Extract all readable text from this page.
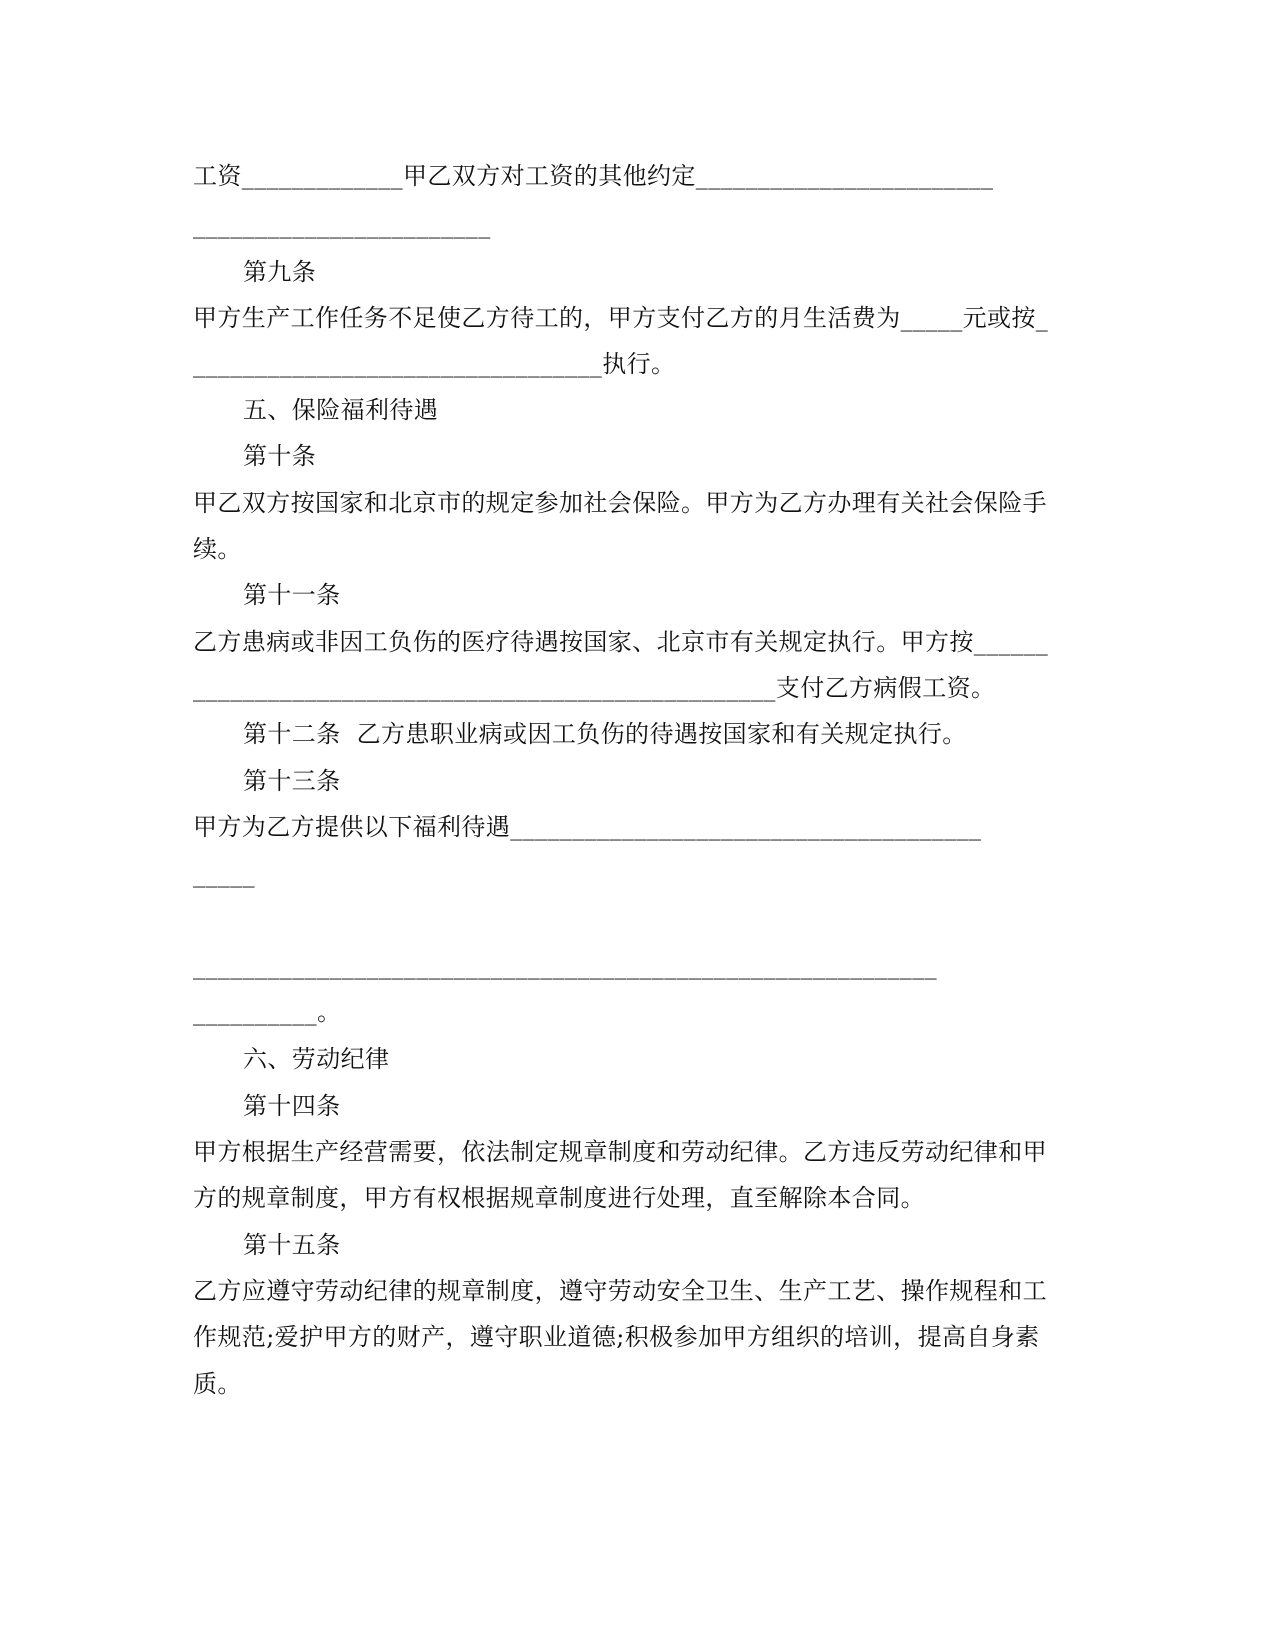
工资_____________甲乙双方对工资的其他约定________________________
________________________
第九条
甲方生产工作任务不足使乙方待工的，甲方支付乙方的月生活费为_____元或按_
_________________________________执行。
五、保险福利待遇
第十条
甲乙双方按国家和北京市的规定参加社会保险。甲方为乙方办理有关社会保险手
续。
第十一条
乙方患病或非因工负伤的医疗待遇按国家、北京市有关规定执行。甲方按______
_______________________________________________支付乙方病假工资。
第十二条  乙方患职业病或因工负伤的待遇按国家和有关规定执行。
第十三条
甲方为乙方提供以下福利待遇______________________________________
_____
____________________________________________________________
__________。
六、劳动纪律
第十四条
甲方根据生产经营需要，依法制定规章制度和劳动纪律。乙方违反劳动纪律和甲
方的规章制度，甲方有权根据规章制度进行处理，直至解除本合同。
第十五条
乙方应遵守劳动纪律的规章制度，遵守劳动安全卫生、生产工艺、操作规程和工
作规范;爱护甲方的财产，遵守职业道德;积极参加甲方组织的培训，提高自身素
质。
